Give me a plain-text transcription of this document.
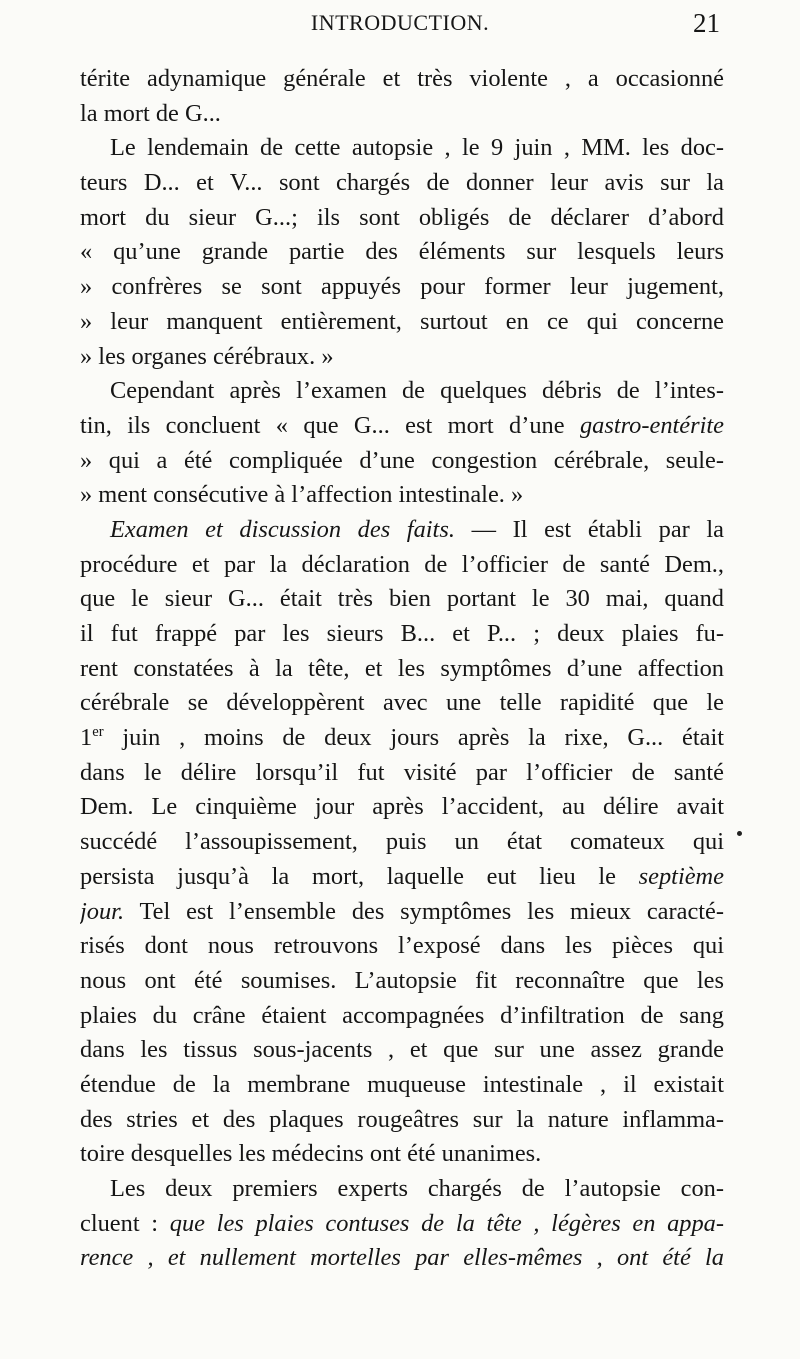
INTRODUCTION.	21
térite adynamique générale et très violente , a occasionné
la mort de G...
Le lendemain de cette autopsie , le 9 juin , MM. les doc-
teurs D... et V... sont chargés de donner leur avis sur la
mort du sieur G...; ils sont obligés de déclarer d’abord
« qu’une grande partie des éléments sur lesquels leurs
» confrères se sont appuyés pour former leur jugement,
» leur manquent entièrement, surtout en ce qui concerne
» les organes cérébraux. »
Cependant après l’examen de quelques débris de l’intes-
tin, ils concluent « que G... est mort d’une gastro-entérite
» qui a été compliquée d’une congestion cérébrale, seule-
» ment consécutive à l’affection intestinale. »
Examen et discussion des faits. — Il est établi par la
procédure et par la déclaration de l’officier de santé Dem.,
que le sieur G... était très bien portant le 30 mai, quand
il fut frappé par les sieurs B... et P... ; deux plaies fu-
rent constatées à la tête, et les symptômes d’une affection
cérébrale se développèrent avec une telle rapidité que le
1er juin , moins de deux jours après la rixe, G... était
dans le délire lorsqu’il fut visité par l’officier de santé
Dem. Le cinquième jour après l’accident, au délire avait
succédé l’assoupissement, puis un état comateux qui
persista jusqu’à la mort, laquelle eut lieu le septième
jour. Tel est l’ensemble des symptômes les mieux caracté-
risés dont nous retrouvons l’exposé dans les pièces qui
nous ont été soumises. L’autopsie fit reconnaître que les
plaies du crâne étaient accompagnées d’infiltration de sang
dans les tissus sous-jacents , et que sur une assez grande
étendue de la membrane muqueuse intestinale , il existait
des stries et des plaques rougeâtres sur la nature inflamma-
toire desquelles les médecins ont été unanimes.
Les deux premiers experts chargés de l’autopsie con-
cluent : que les plaies contuses de la tête , légères en appa-
rence , et nullement mortelles par elles-mêmes , ont été la
